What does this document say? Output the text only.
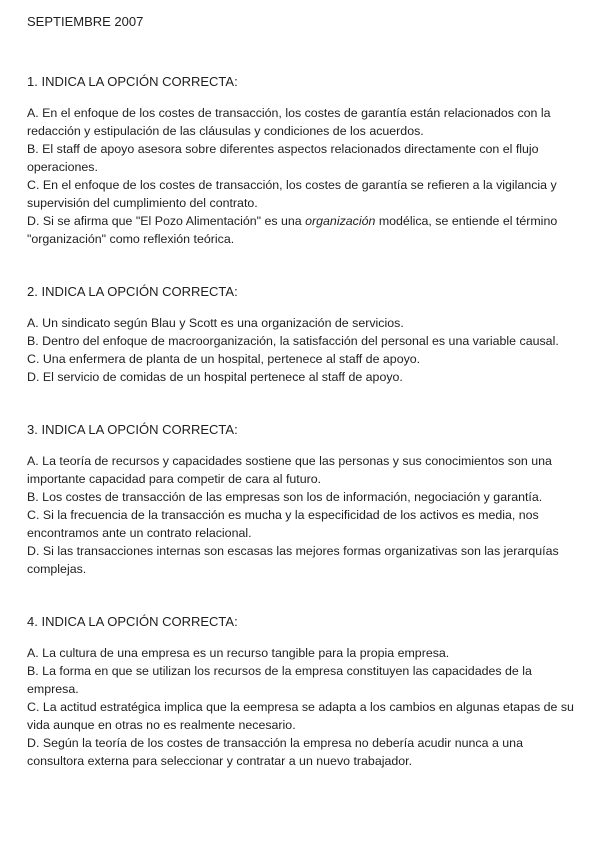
SEPTIEMBRE 2007
1. INDICA LA OPCIÓN CORRECTA:

A. En el enfoque de los costes de transacción, los costes de garantía están relacionados con la redacción y estipulación de las cláusulas y condiciones de los acuerdos.

B. El staff de apoyo asesora sobre diferentes aspectos relacionados directamente con el flujo operaciones.

C. En el enfoque de los costes de transacción, los costes de garantía se refieren a la vigilancia y supervisión del cumplimiento del contrato.

D. Si se afirma que "El Pozo Alimentación" es una organización modélica, se entiende el término "organización" como reflexión teórica.

2. INDICA LA OPCIÓN CORRECTA:

A. Un sindicato según Blau y Scott es una organización de servicios.

B. Dentro del enfoque de macroorganización, la satisfacción del personal es una variable causal.

C. Una enfermera de planta de un hospital, pertenece al staff de apoyo.

D. El servicio de comidas de un hospital pertenece al staff de apoyo.

3. INDICA LA OPCIÓN CORRECTA:

A. La teoría de recursos y capacidades sostiene que las personas y sus conocimientos son una importante capacidad para competir de cara al futuro.

B. Los costes de transacción de las empresas son los de información, negociación y garantía.

C. Si la frecuencia de la transacción es mucha y la especificidad de los activos es media, nos encontramos ante un contrato relacional.

D. Si las transacciones internas son escasas las mejores formas organizativas son las jerarquías complejas.

4. INDICA LA OPCIÓN CORRECTA:

A. La cultura de una empresa es un recurso tangible para la propia empresa.

B. La forma en que se utilizan los recursos de la empresa constituyen las capacidades de la empresa.

C. La actitud estratégica implica que la eempresa se adapta a los cambios en algunas etapas de su vida aunque en otras no es realmente necesario.

D. Según la teoría de los costes de transacción la empresa no debería acudir nunca a una consultora externa para seleccionar y contratar a un nuevo trabajador.
